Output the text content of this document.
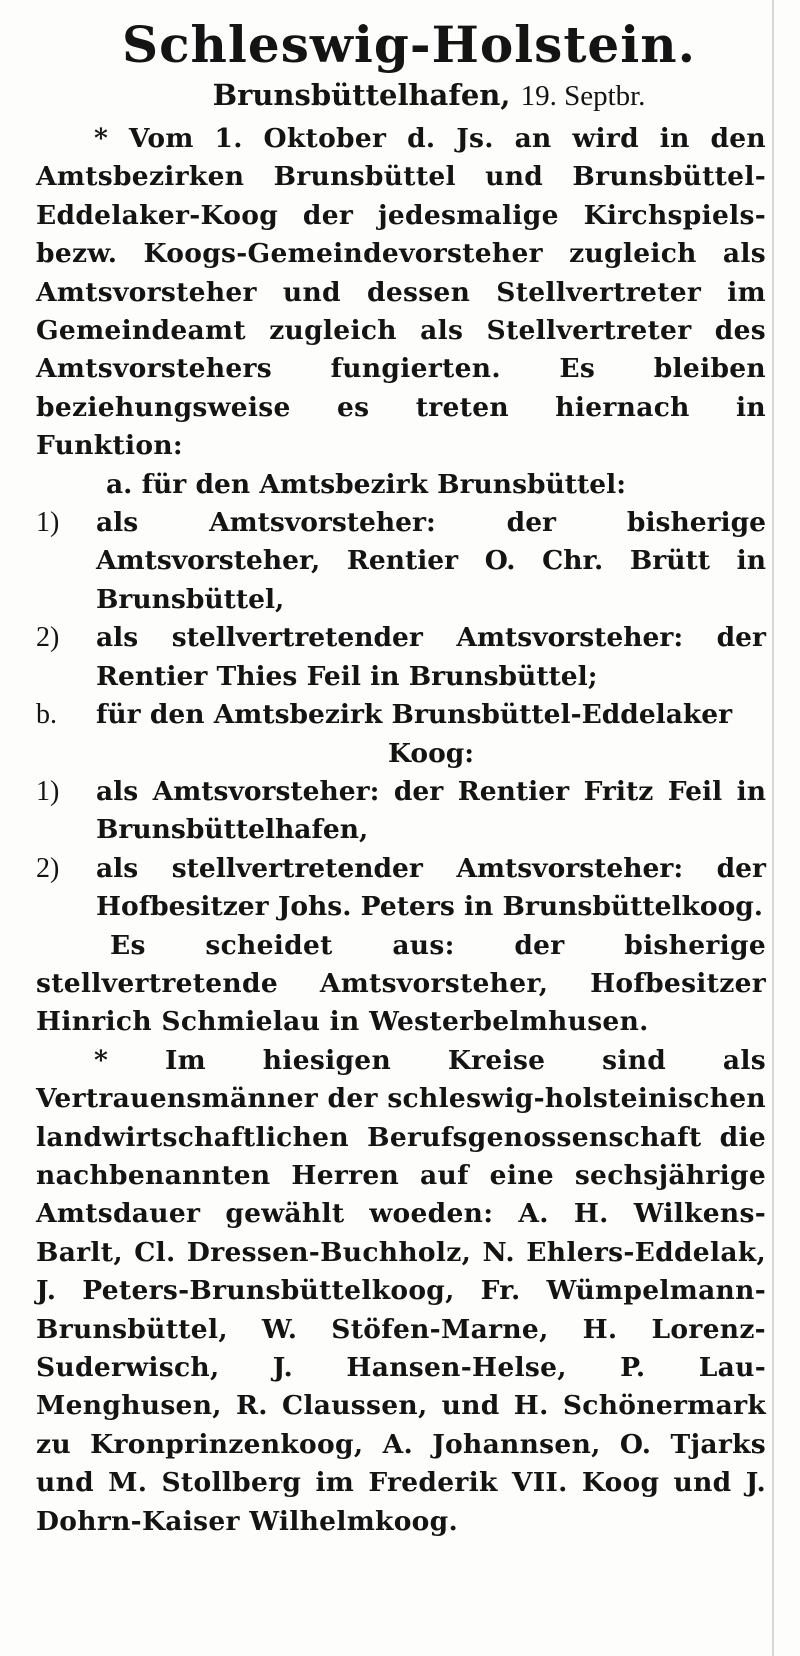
Schleswig-Holstein.
Brunsbüttelhafen, 19. Septbr.

* Vom 1. Oktober d. Js. an wird in den Amtsbezirken Brunsbüttel und Brunsbüttel-Eddelaker-Koog der jedesmalige Kirchspiels- bezw. Koogs-Gemeindevorsteher zugleich als Amtsvorsteher und dessen Stellvertreter im Gemeindeamt zugleich als Stellvertreter des Amtsvorstehers fungierten. Es bleiben beziehungsweise es treten hiernach in Funktion:

a. für den Amtsbezirk Brunsbüttel:

1) als Amtsvorsteher: der bisherige Amtsvorsteher, Rentier O. Chr. Brütt in Brunsbüttel,
2) als stellvertretender Amtsvorsteher: der Rentier Thies Feil in Brunsbüttel;
b. für den Amtsbezirk Brunsbüttel-Eddelaker

Koog:

1) als Amtsvorsteher: der Rentier Fritz Feil in Brunsbüttelhafen,
2) als stellvertretender Amtsvorsteher: der Hofbesitzer Johs. Peters in Brunsbüttelkoog.

Es scheidet aus: der bisherige stellvertretende Amtsvorsteher, Hofbesitzer Hinrich Schmielau in Westerbelmhusen.

* Im hiesigen Kreise sind als Vertrauensmänner der schleswig-holsteinischen landwirtschaftlichen Berufsgenossenschaft die nachbenannten Herren auf eine sechsjährige Amtsdauer gewählt woeden: A. H. Wilkens-Barlt, Cl. Dressen-Buchholz, N. Ehlers-Eddelak, J. Peters-Brunsbüttelkoog, Fr. Wümpelmann-Brunsbüttel, W. Stöfen-Marne, H. Lorenz-Suderwisch, J. Hansen-Helse, P. Lau-Menghusen, R. Claussen, und H. Schönermark zu Kronprinzenkoog, A. Johannsen, O. Tjarks und M. Stollberg im Frederik VII. Koog und J. Dohrn-Kaiser Wilhelmkoog.
